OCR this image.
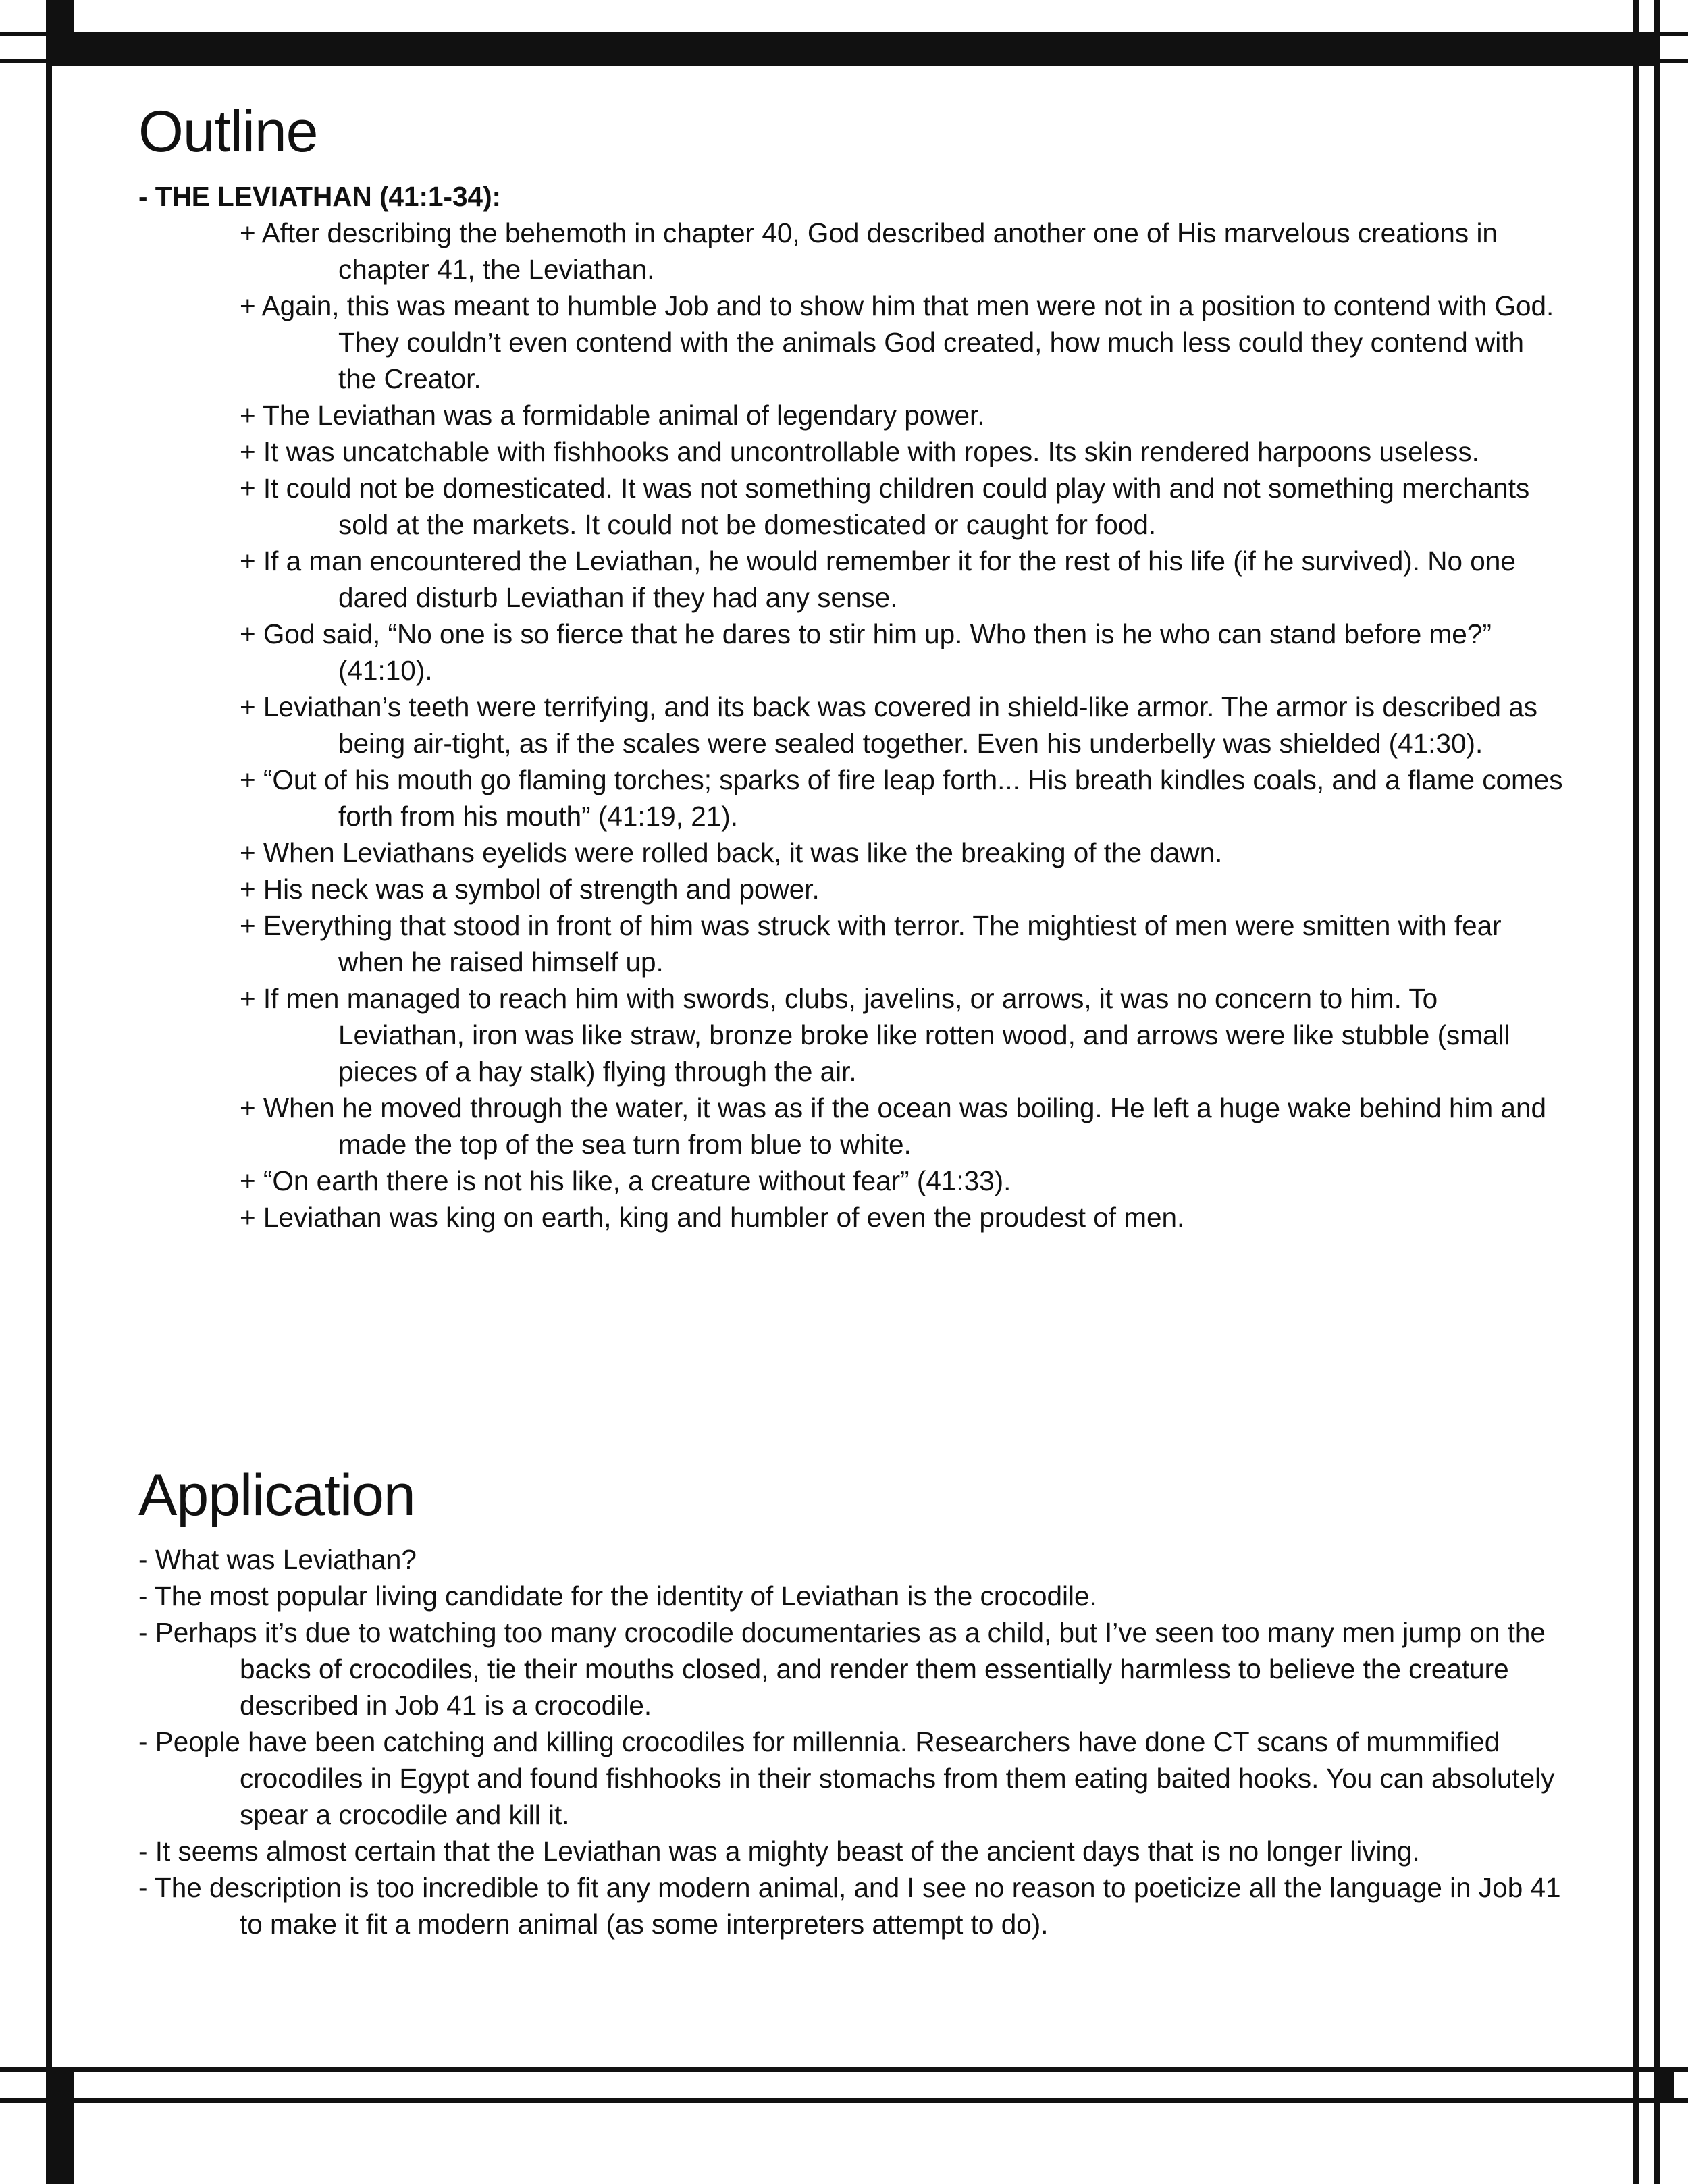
Outline

- THE LEVIATHAN (41:1-34):

+ After describing the behemoth in chapter 40, God described another one of His marvelous creations in chapter 41, the Leviathan.

+ Again, this was meant to humble Job and to show him that men were not in a position to contend with God. They couldn’t even contend with the animals God created, how much less could they contend with the Creator.

+ The Leviathan was a formidable animal of legendary power.

+ It was uncatchable with fishhooks and uncontrollable with ropes. Its skin rendered harpoons useless.

+ It could not be domesticated. It was not something children could play with and not something merchants sold at the markets. It could not be domesticated or caught for food.

+ If a man encountered the Leviathan, he would remember it for the rest of his life (if he survived). No one dared disturb Leviathan if they had any sense.

+ God said, “No one is so fierce that he dares to stir him up. Who then is he who can stand before me?” (41:10).

+ Leviathan’s teeth were terrifying, and its back was covered in shield-like armor. The armor is described as being air-tight, as if the scales were sealed together. Even his underbelly was shielded (41:30).

+ “Out of his mouth go flaming torches; sparks of fire leap forth... His breath kindles coals, and a flame comes forth from his mouth” (41:19, 21).

+ When Leviathans eyelids were rolled back, it was like the breaking of the dawn.

+ His neck was a symbol of strength and power.

+ Everything that stood in front of him was struck with terror. The mightiest of men were smitten with fear when he raised himself up.

+ If men managed to reach him with swords, clubs, javelins, or arrows, it was no concern to him. To Leviathan, iron was like straw, bronze broke like rotten wood, and arrows were like stubble (small pieces of a hay stalk) flying through the air.

+ When he moved through the water, it was as if the ocean was boiling. He left a huge wake behind him and made the top of the sea turn from blue to white.

+ “On earth there is not his like, a creature without fear” (41:33).

+ Leviathan was king on earth, king and humbler of even the proudest of men.

Application

- What was Leviathan?

- The most popular living candidate for the identity of Leviathan is the crocodile.

- Perhaps it’s due to watching too many crocodile documentaries as a child, but I’ve seen too many men jump on the backs of crocodiles, tie their mouths closed, and render them essentially harmless to believe the creature described in Job 41 is a crocodile.

- People have been catching and killing crocodiles for millennia. Researchers have done CT scans of mummified crocodiles in Egypt and found fishhooks in their stomachs from them eating baited hooks. You can absolutely spear a crocodile and kill it.

- It seems almost certain that the Leviathan was a mighty beast of the ancient days that is no longer living.

- The description is too incredible to fit any modern animal, and I see no reason to poeticize all the language in Job 41 to make it fit a modern animal (as some interpreters attempt to do).
